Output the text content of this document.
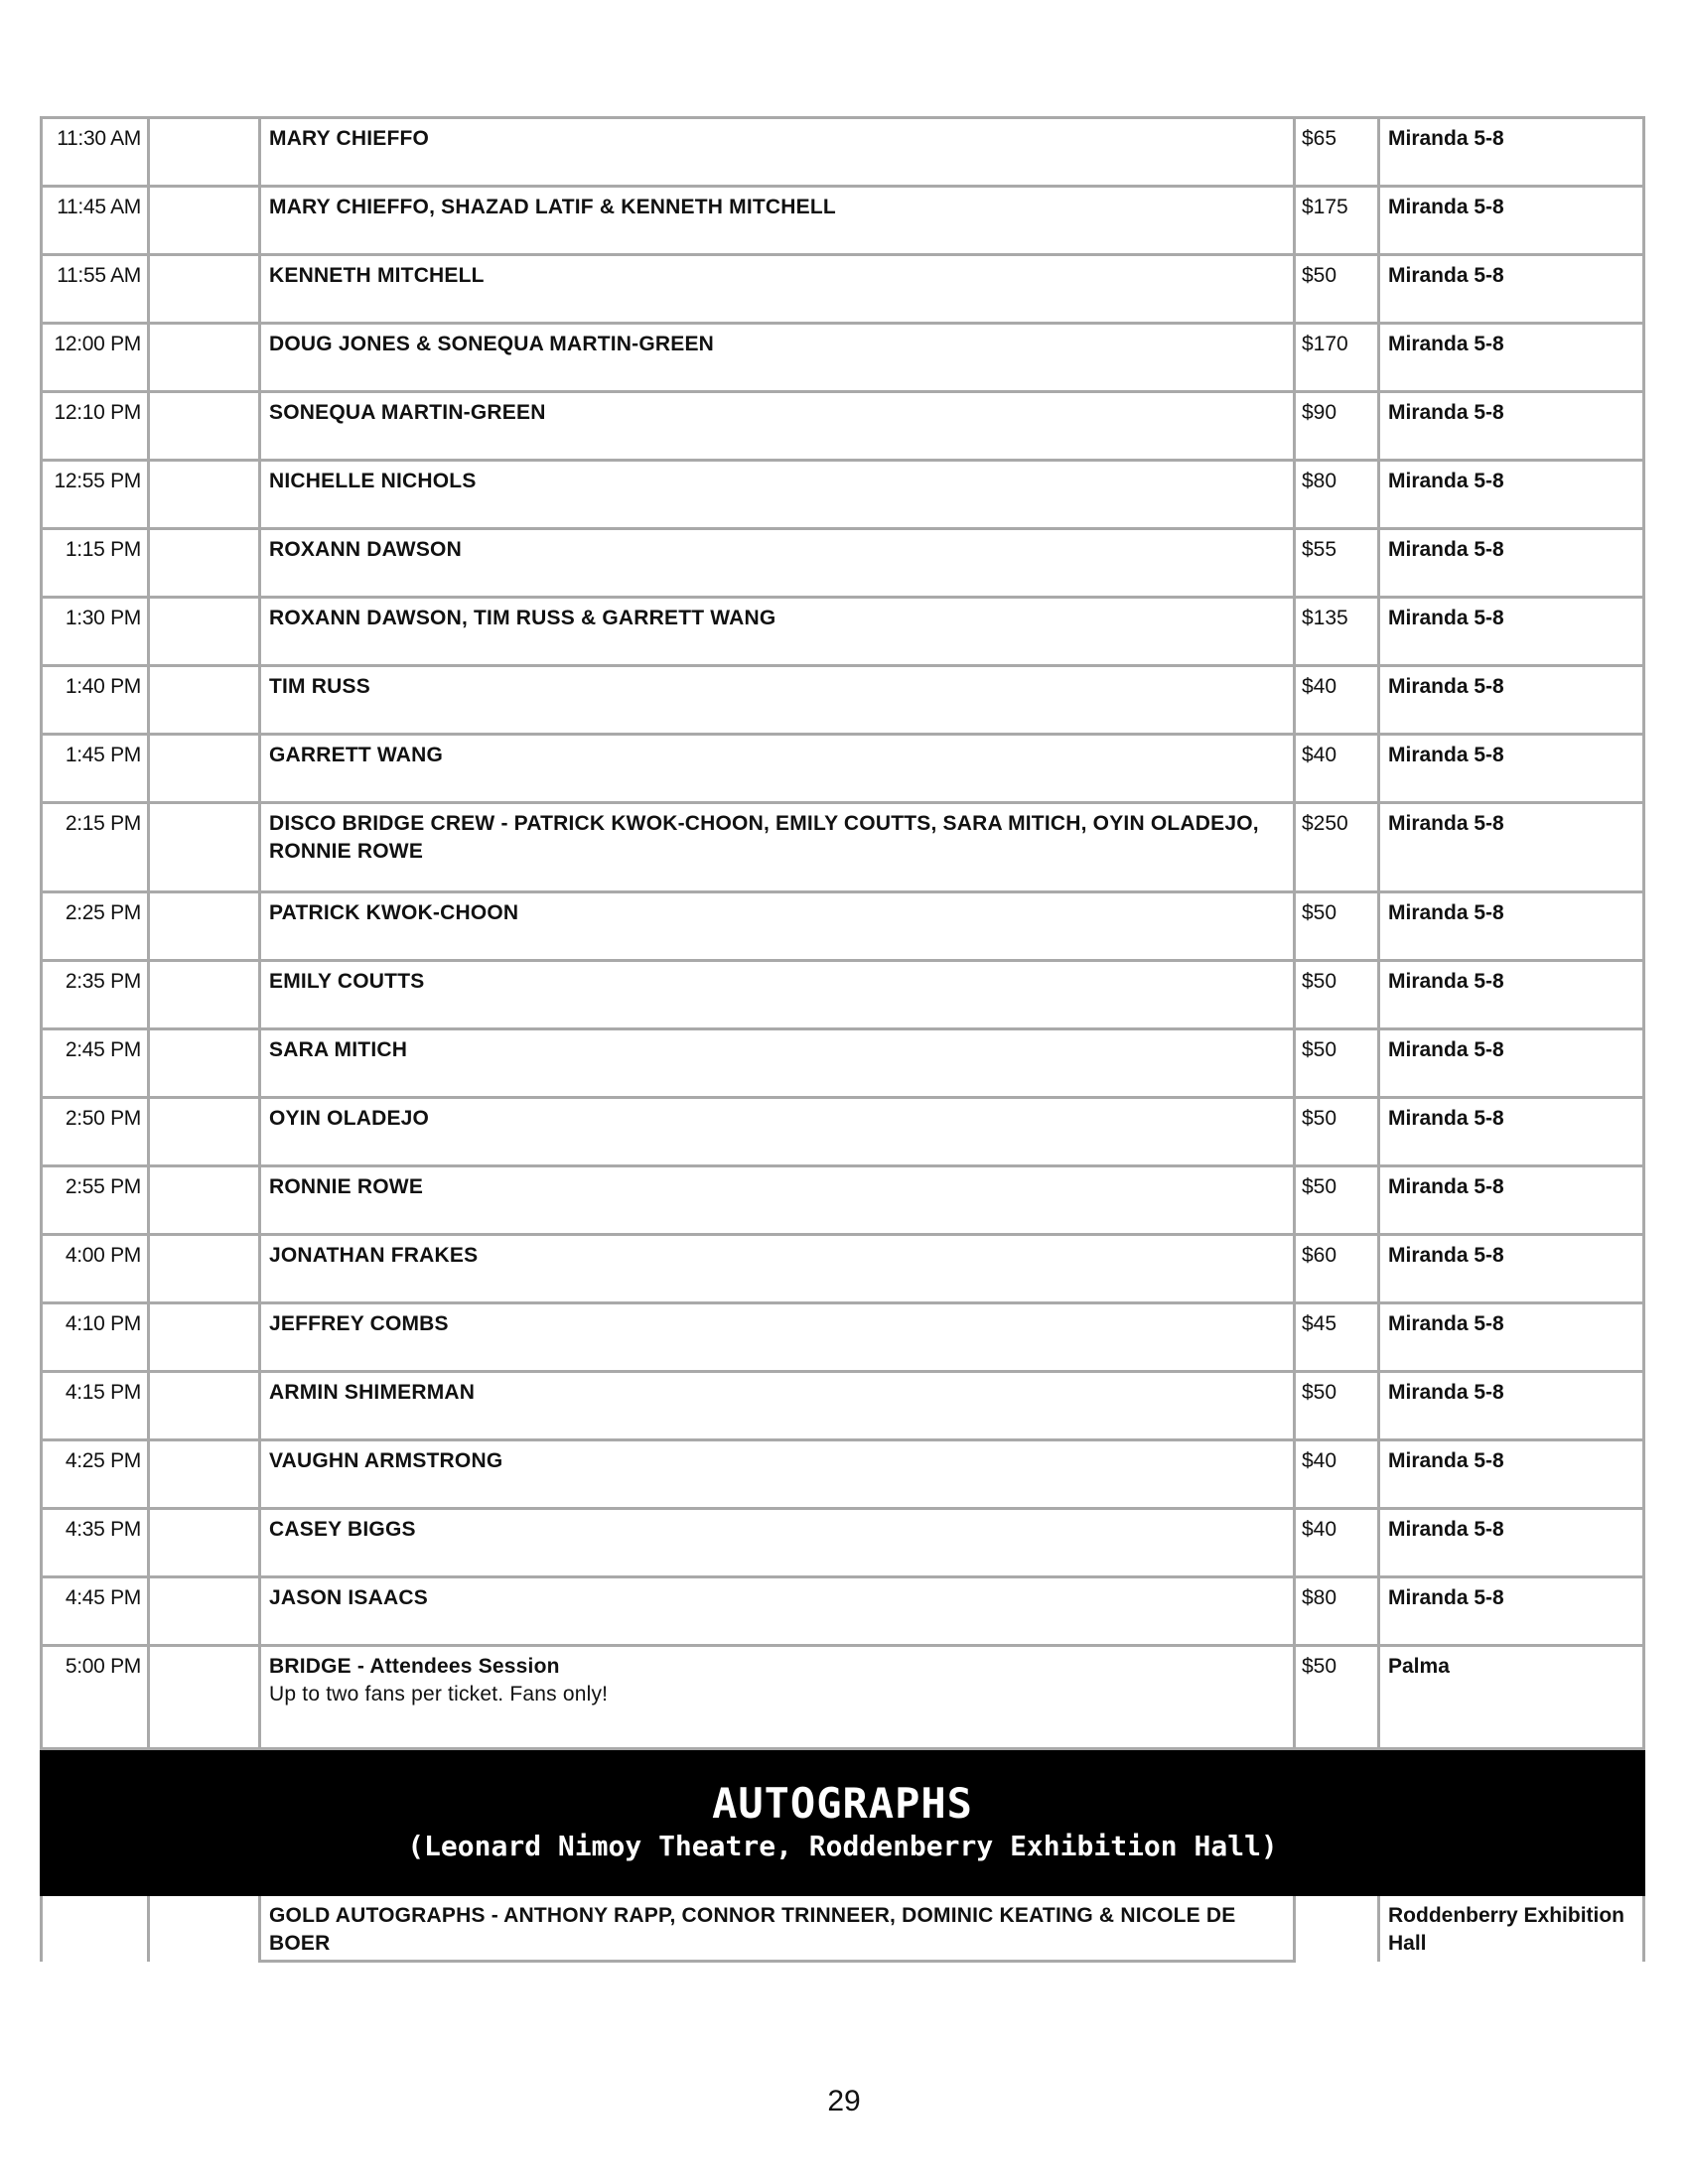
11:30 AM		MARY CHIEFFO	$65	Miranda 5-8
11:45 AM		MARY CHIEFFO, SHAZAD LATIF & KENNETH MITCHELL	$175	Miranda 5-8
11:55 AM		KENNETH MITCHELL	$50	Miranda 5-8
12:00 PM		DOUG JONES & SONEQUA MARTIN-GREEN	$170	Miranda 5-8
12:10 PM		SONEQUA MARTIN-GREEN	$90	Miranda 5-8
12:55 PM		NICHELLE NICHOLS	$80	Miranda 5-8
1:15 PM		ROXANN DAWSON	$55	Miranda 5-8
1:30 PM		ROXANN DAWSON, TIM RUSS & GARRETT WANG	$135	Miranda 5-8
1:40 PM		TIM RUSS	$40	Miranda 5-8
1:45 PM		GARRETT WANG	$40	Miranda 5-8
2:15 PM		DISCO BRIDGE CREW - PATRICK KWOK-CHOON, EMILY COUTTS, SARA MITICH, OYIN OLADEJO, RONNIE ROWE	$250	Miranda 5-8
2:25 PM		PATRICK KWOK-CHOON	$50	Miranda 5-8
2:35 PM		EMILY COUTTS	$50	Miranda 5-8
2:45 PM		SARA MITICH	$50	Miranda 5-8
2:50 PM		OYIN OLADEJO	$50	Miranda 5-8
2:55 PM		RONNIE ROWE	$50	Miranda 5-8
4:00 PM		JONATHAN FRAKES	$60	Miranda 5-8
4:10 PM		JEFFREY COMBS	$45	Miranda 5-8
4:15 PM		ARMIN SHIMERMAN	$50	Miranda 5-8
4:25 PM		VAUGHN ARMSTRONG	$40	Miranda 5-8
4:35 PM		CASEY BIGGS	$40	Miranda 5-8
4:45 PM		JASON ISAACS	$80	Miranda 5-8
5:00 PM		BRIDGE - Attendees Session
Up to two fans per ticket. Fans only!	$50	Palma

AUTOGRAPHS
(Leonard Nimoy Theatre, Roddenberry Exhibition Hall)				

		GOLD AUTOGRAPHS - ANTHONY RAPP, CONNOR TRINNEER, DOMINIC KEATING & NICOLE DE BOER		Roddenberry Exhibition Hall
29
